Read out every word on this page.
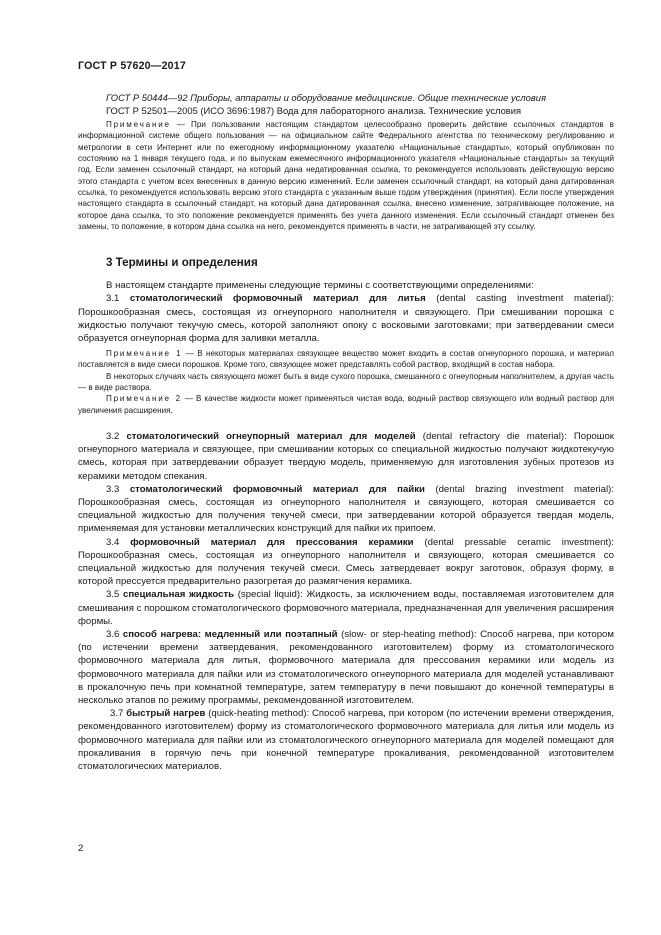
ГОСТ Р 57620—2017

ГОСТ Р 50444—92 Приборы, аппараты и оборудование медицинские. Общие технические условия

ГОСТ Р 52501—2005 (ИСО 3696:1987) Вода для лабораторного анализа. Технические условия

Примечание — При пользовании настоящим стандартом целесообразно проверить действие ссылочных стандартов в информационной системе общего пользования — на официальном сайте Федерального агентства по техническому регулированию и метрологии в сети Интернет или по ежегодному информационному указателю «Национальные стандарты», который опубликован по состоянию на 1 января текущего года, и по выпускам ежемесячного информационного указателя «Национальные стандарты» за текущий год. Если заменен ссылочный стандарт, на который дана недатированная ссылка, то рекомендуется использовать действующую версию этого стандарта с учетом всех внесенных в данную версию изменений. Если заменен ссылочный стандарт, на который дана датированная ссылка, то рекомендуется использовать версию этого стандарта с указанным выше годом утверждения (принятия). Если после утверждения настоящего стандарта в ссылочный стандарт, на который дана датированная ссылка, внесено изменение, затрагивающее положение, на которое дана ссылка, то это положение рекомендуется применять без учета данного изменения. Если ссылочный стандарт отменен без замены, то положение, в котором дана ссылка на него, рекомендуется применять в части, не затрагивающей эту ссылку.

3 Термины и определения

В настоящем стандарте применены следующие термины с соответствующими определениями:

3.1 стоматологический формовочный материал для литья (dental casting investment material): Порошкообразная смесь, состоящая из огнеупорного наполнителя и связующего. При смешивании порошка с жидкостью получают текучую смесь, которой заполняют опоку с восковыми заготовками; при затвердевании смеси образуется огнеупорная форма для заливки металла.

Примечание 1 — В некоторых материалах связующее вещество может входить в состав огнеупорного порошка, и материал поставляется в виде смеси порошков. Кроме того, связующее может представлять собой раствор, входящий в состав набора.

В некоторых случаях часть связующего может быть в виде сухого порошка, смешанного с огнеупорным наполнителем, а другая часть — в виде раствора.

Примечание 2 — В качестве жидкости может применяться чистая вода, водный раствор связующего или водный раствор для увеличения расширения.

3.2 стоматологический огнеупорный материал для моделей (dental refractory die material): Порошок огнеупорного материала и связующее, при смешивании которых со специальной жидкостью получают жидкотекучую смесь, которая при затвердевании образует твердую модель, применяемую для изготовления зубных протезов из керамики методом спекания.

3.3 стоматологический формовочный материал для пайки (dental brazing investment material): Порошкообразная смесь, состоящая из огнеупорного наполнителя и связующего, которая смешивается со специальной жидкостью для получения текучей смеси, при затвердевании которой образуется твердая модель, применяемая для установки металлических конструкций для пайки их припоем.

3.4 формовочный материал для прессования керамики (dental pressable ceramic investment): Порошкообразная смесь, состоящая из огнеупорного наполнителя и связующего, которая смешивается со специальной жидкостью для получения текучей смеси. Смесь затвердевает вокруг заготовок, образуя форму, в которой прессуется предварительно разогретая до размягчения керамика.

3.5 специальная жидкость (special liquid): Жидкость, за исключением воды, поставляемая изготовителем для смешивания с порошком стоматологического формовочного материала, предназначенная для увеличения расширения формы.

3.6 способ нагрева: медленный или поэтапный (slow- or step-heating method): Способ нагрева, при котором (по истечении времени затвердевания, рекомендованного изготовителем) форму из стоматологического формовочного материала для литья, формовочного материала для прессования керамики или модель из формовочного материала для пайки или из стоматологического огнеупорного материала для моделей устанавливают в прокалочную печь при комнатной температуре, затем температуру в печи повышают до конечной температуры в несколько этапов по режиму программы, рекомендованной изготовителем.

3.7 быстрый нагрев (quick-heating method): Способ нагрева, при котором (по истечении времени отверждения, рекомендованного изготовителем) форму из стоматологического формовочного материала для литья или модель из формовочного материала для пайки или из стоматологического огнеупорного материала для моделей помещают для прокаливания в горячую печь при конечной температуре прокаливания, рекомендованной изготовителем стоматологических материалов.

2
